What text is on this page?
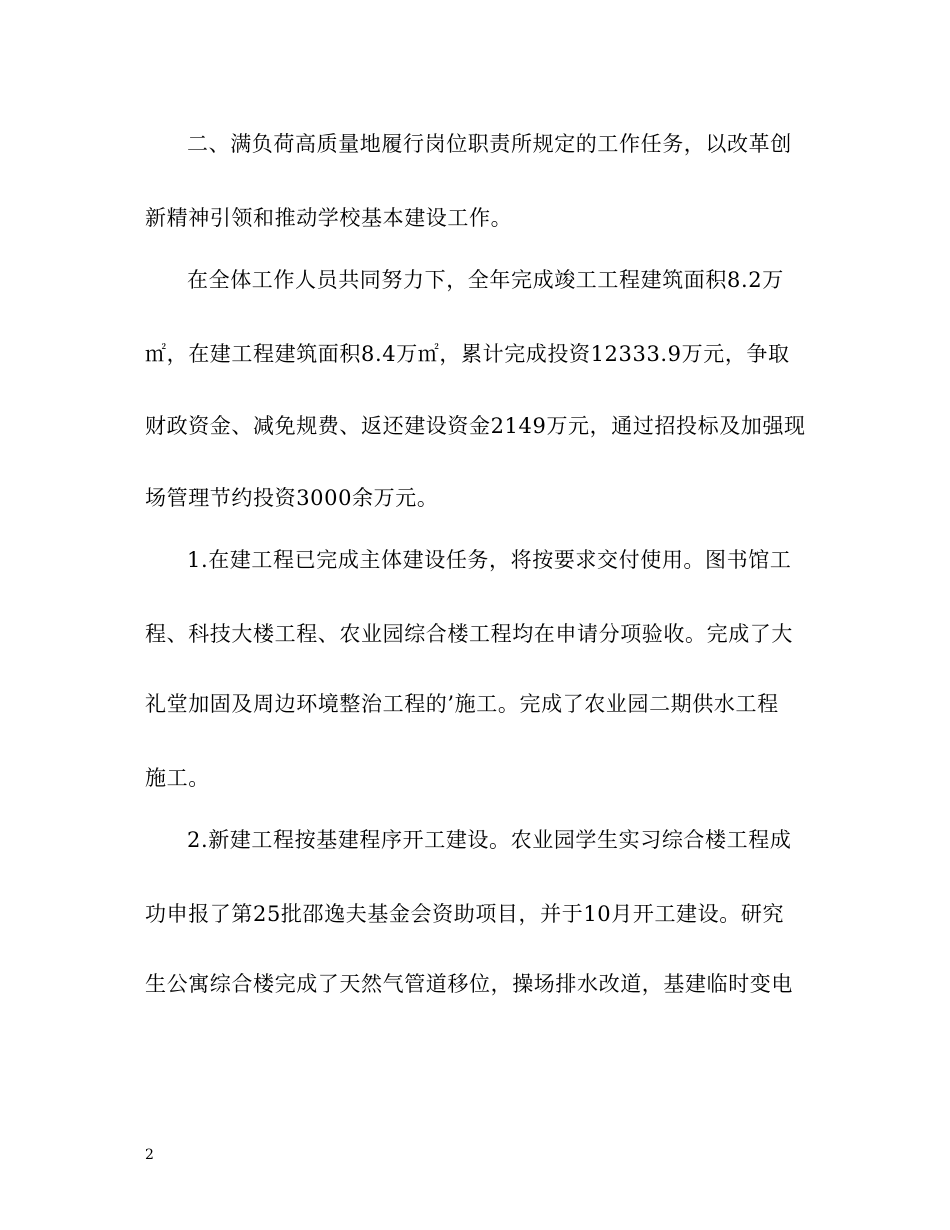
二、满负荷高质量地履行岗位职责所规定的工作任务，以改革创
新精神引领和推动学校基本建设工作。
在全体工作人员共同努力下，全年完成竣工工程建筑面积8.2万
㎡，在建工程建筑面积8.4万㎡，累计完成投资12333.9万元，争取
财政资金、减免规费、返还建设资金2149万元，通过招投标及加强现
场管理节约投资3000余万元。
1.在建工程已完成主体建设任务，将按要求交付使用。图书馆工
程、科技大楼工程、农业园综合楼工程均在申请分项验收。完成了大
礼堂加固及周边环境整治工程的’施工。完成了农业园二期供水工程
施工。
2.新建工程按基建程序开工建设。农业园学生实习综合楼工程成
功申报了第25批邵逸夫基金会资助项目，并于10月开工建设。研究
生公寓综合楼完成了天然气管道移位，操场排水改道，基建临时变电
2
